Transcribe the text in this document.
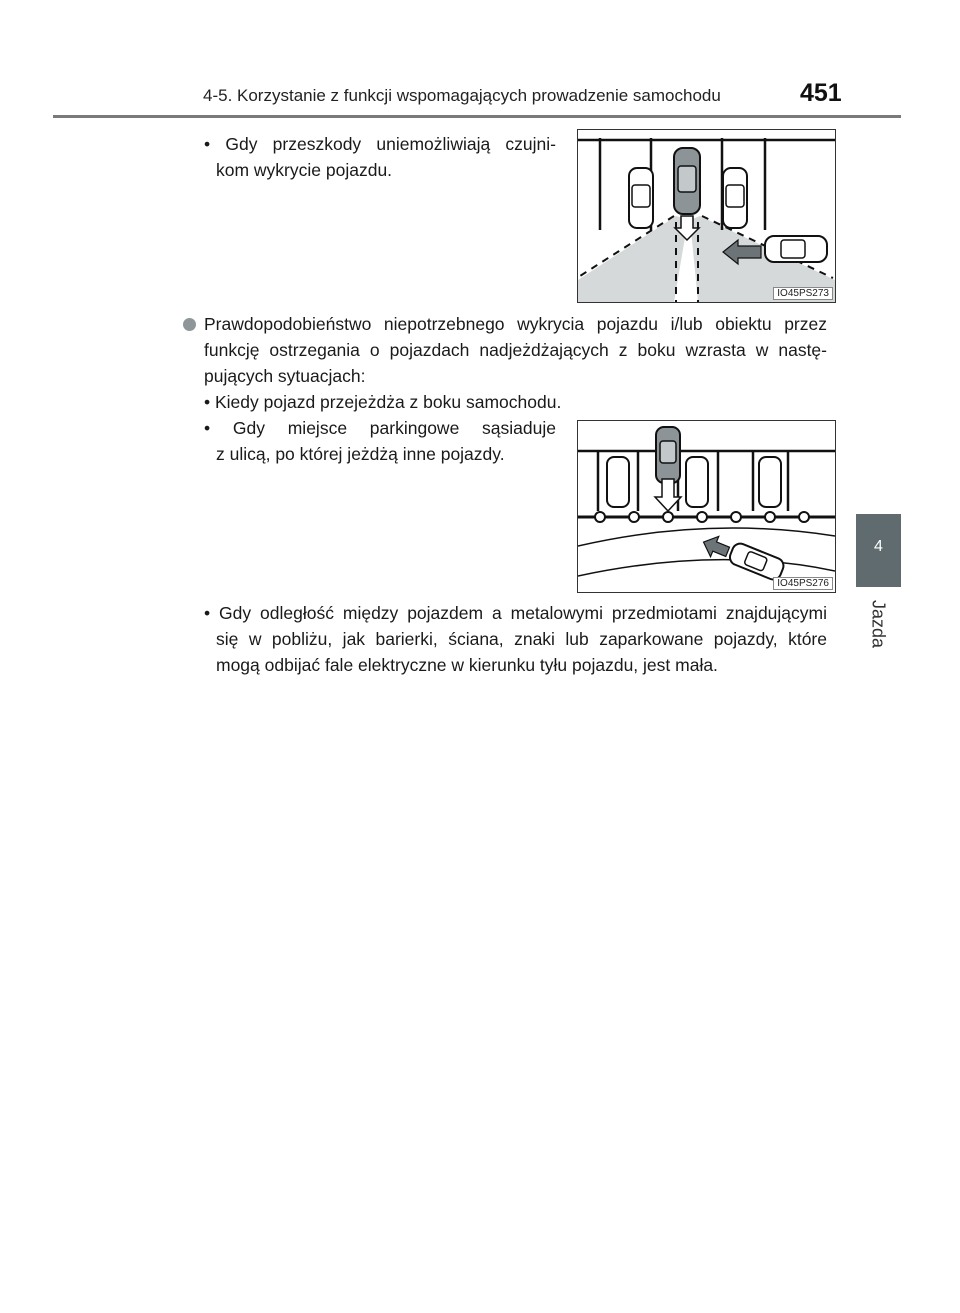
4-5. Korzystanie z funkcji wspomagających prowadzenie samochodu	451
4
Jazda
• Gdy przeszkody uniemożliwiają czujni-
kom wykrycie pojazdu.
IO45PS273
Prawdopodobieństwo niepotrzebnego wykrycia pojazdu i/lub obiektu przez
funkcję ostrzegania o pojazdach nadjeżdżających z boku wzrasta w nastę-
pujących sytuacjach:
• Kiedy pojazd przejeżdża z boku samochodu.
• Gdy miejsce parkingowe sąsiaduje
z ulicą, po której jeżdżą inne pojazdy.
IO45PS276
• Gdy odległość między pojazdem a metalowymi przedmiotami znajdującymi
się w pobliżu, jak barierki, ściana, znaki lub zaparkowane pojazdy, które
mogą odbijać fale elektryczne w kierunku tyłu pojazdu, jest mała.
